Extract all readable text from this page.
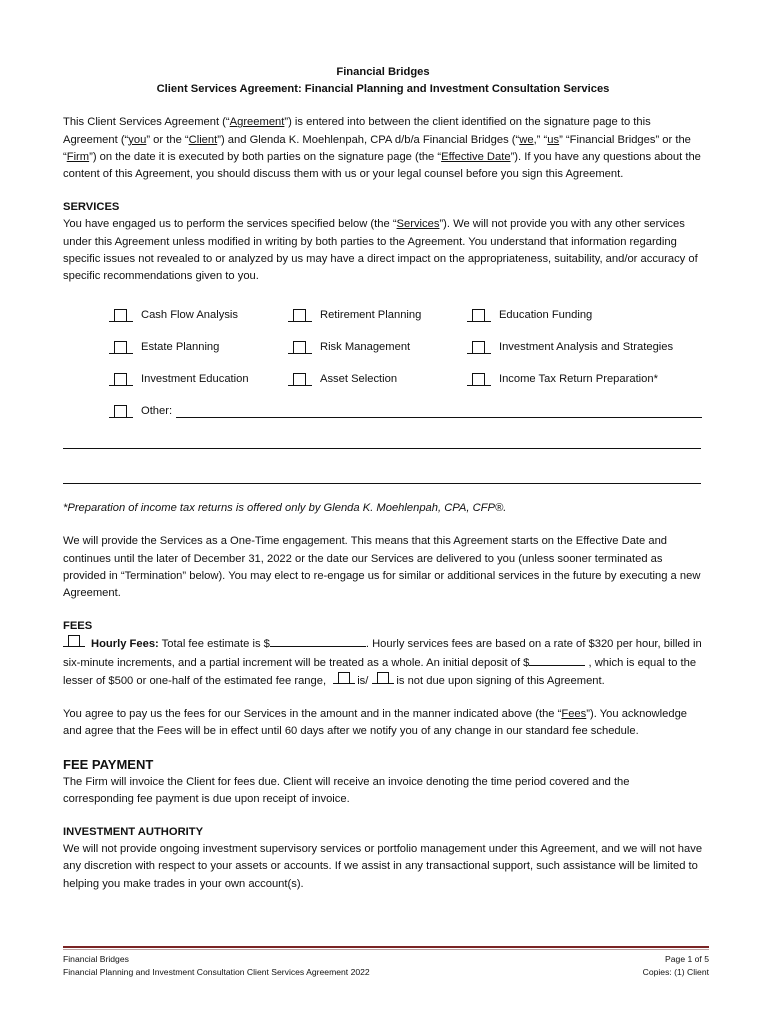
Financial Bridges
Client Services Agreement: Financial Planning and Investment Consultation Services

This Client Services Agreement (“Agreement”) is entered into between the client identified on the signature page to this Agreement (“you” or the “Client”) and Glenda K. Moehlenpah, CPA d/b/a Financial Bridges (“we,” “us” “Financial Bridges” or the “Firm”) on the date it is executed by both parties on the signature page (the “Effective Date”). If you have any questions about the content of this Agreement, you should discuss them with us or your legal counsel before you sign this Agreement.

SERVICES

You have engaged us to perform the services specified below (the “Services”). We will not provide you with any other services under this Agreement unless modified in writing by both parties to the Agreement. You understand that information regarding specific issues not revealed to or analyzed by us may have a direct impact on the appropriateness, suitability, and/or accuracy of specific recommendations given to you.

Cash Flow Analysis	Retirement Planning	Education Funding
Estate Planning	Risk Management	Investment Analysis and Strategies
Investment Education	Asset Selection	Income Tax Return Preparation*
Other:

*Preparation of income tax returns is offered only by Glenda K. Moehlenpah, CPA, CFP®.

We will provide the Services as a One-Time engagement. This means that this Agreement starts on the Effective Date and continues until the later of December 31, 2022 or the date our Services are delivered to you (unless sooner terminated as provided in “Termination” below). You may elect to re-engage us for similar or additional services in the future by executing a new Agreement.

FEES

Hourly Fees: Total fee estimate is $	. Hourly services fees are based on a rate of $320 per hour, billed in six-minute increments, and a partial increment will be treated as a whole. An initial deposit of $	, which is equal to the lesser of $500 or one-half of the estimated fee range,	is/	is not due upon signing of this Agreement.

You agree to pay us the fees for our Services in the amount and in the manner indicated above (the “Fees”). You acknowledge and agree that the Fees will be in effect until 60 days after we notify you of any change in our standard fee schedule.

FEE PAYMENT

The Firm will invoice the Client for fees due. Client will receive an invoice denoting the time period covered and the corresponding fee payment is due upon receipt of invoice.

INVESTMENT AUTHORITY

We will not provide ongoing investment supervisory services or portfolio management under this Agreement, and we will not have any discretion with respect to your assets or accounts. If we assist in any transactional support, such assistance will be limited to helping you make trades in your own account(s).

Financial Bridges
Financial Planning and Investment Consultation Client Services Agreement 2022
Page 1 of 5
Copies: (1) Client
